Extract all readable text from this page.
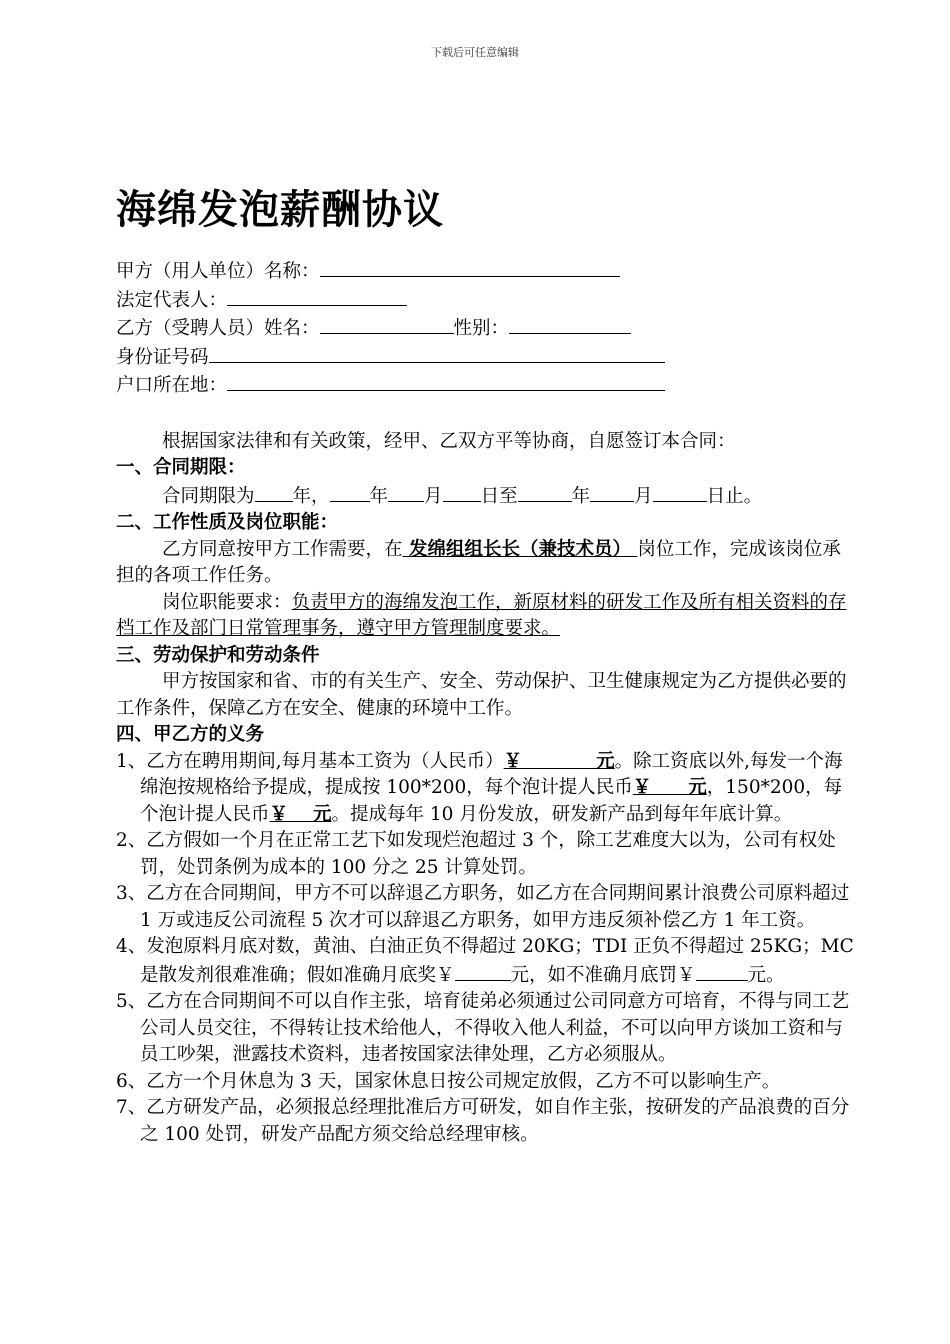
下载后可任意编辑
海绵发泡薪酬协议
甲方（用人单位）名称：
法定代表人：
乙方（受聘人员）姓名：	性别：
身份证号码
户口所在地：
根据国家法律和有关政策，经甲、乙双方平等协商，自愿签订本合同：
一、合同期限：
合同期限为 年， 年 月 日至	年 月	日止。
二、工作性质及岗位职能：
乙方同意按甲方工作需要，在 发绵组组长长（兼技术员） 岗位工作，完成该岗位承担的各项工作任务。
岗位职能要求：负责甲方的海绵发泡工作，新原材料的研发工作及所有相关资料的存档工作及部门日常管理事务，遵守甲方管理制度要求。
三、劳动保护和劳动条件
甲方按国家和省、市的有关生产、安全、劳动保护、卫生健康规定为乙方提供必要的工作条件，保障乙方在安全、健康的环境中工作。
四、甲乙方的义务
1、乙方在聘用期间,每月基本工资为（人民币）￥　　　　元。除工资底以外,每发一个海绵泡按规格给予提成，提成按 100*200，每个泡计提人民币￥　　元，150*200，每个泡计提人民币￥　 元。提成每年 10 月份发放，研发新产品到每年年底计算。
2、乙方假如一个月在正常工艺下如发现烂泡超过 3 个，除工艺难度大以为，公司有权处罚，处罚条例为成本的 100 分之 25 计算处罚。
3、乙方在合同期间，甲方不可以辞退乙方职务，如乙方在合同期间累计浪费公司原料超过 1 万或违反公司流程 5 次才可以辞退乙方职务，如甲方违反须补偿乙方 1 年工资。
4、发泡原料月底对数，黄油、白油正负不得超过 20KG；TDI 正负不得超过 25KG；MC 是散发剂很难准确；假如准确月底奖￥	元，如不准确月底罚￥	元。
5、乙方在合同期间不可以自作主张，培育徒弟必须通过公司同意方可培育，不得与同工艺公司人员交往，不得转让技术给他人，不得收入他人利益，不可以向甲方谈加工资和与员工吵架，泄露技术资料，违者按国家法律处理，乙方必须服从。
6、乙方一个月休息为 3 天，国家休息日按公司规定放假，乙方不可以影响生产。
7、乙方研发产品，必须报总经理批准后方可研发，如自作主张，按研发的产品浪费的百分之 100 处罚，研发产品配方须交给总经理审核。
